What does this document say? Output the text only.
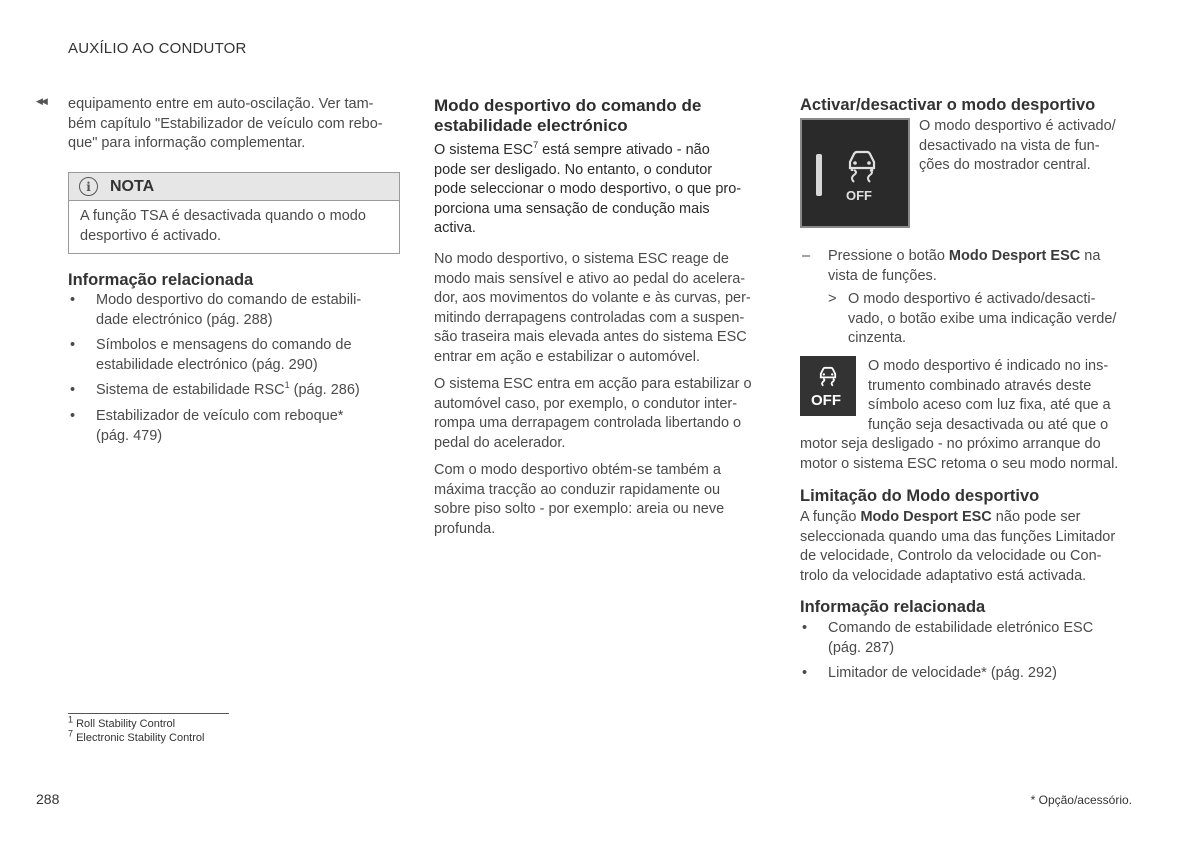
AUXÍLIO AO CONDUTOR
◀◀ equipamento entre em auto-oscilação. Ver tam-
bém capítulo "Estabilizador de veículo com rebo-
que" para informação complementar.
i	NOTA
A função TSA é desactivada quando o modo
desportivo é activado.
Informação relacionada
• Modo desportivo do comando de estabili-
dade electrónico (pág. 288)
• Símbolos e mensagens do comando de
estabilidade electrónico (pág. 290)
• Sistema de estabilidade RSC$^1$ (pág. 286)
• Estabilizador de veículo com reboque*
(pág. 479)
Modo desportivo do comando de
estabilidade electrónico
O sistema ESC$^7$ está sempre ativado - não
pode ser desligado. No entanto, o condutor
pode seleccionar o modo desportivo, o que pro-
porciona uma sensação de condução mais
activa.
No modo desportivo, o sistema ESC reage de
modo mais sensível e ativo ao pedal do acelera-
dor, aos movimentos do volante e às curvas, per-
mitindo derrapagens controladas com a suspen-
são traseira mais elevada antes do sistema ESC
entrar em ação e estabilizar o automóvel.
O sistema ESC entra em acção para estabilizar o
automóvel caso, por exemplo, o condutor inter-
rompa uma derrapagem controlada libertando o
pedal do acelerador.
Com o modo desportivo obtém-se também a
máxima tracção ao conduzir rapidamente ou
sobre piso solto - por exemplo: areia ou neve
profunda.
Activar/desactivar o modo desportivo
OFF
O modo desportivo é activado/
desactivado na vista de fun-
ções do mostrador central.
– Pressione o botão Modo Desport ESC na
vista de funções.
> O modo desportivo é activado/desacti-
vado, o botão exibe uma indicação verde/
cinzenta.
OFF
O modo desportivo é indicado no ins-
trumento combinado através deste
símbolo aceso com luz fixa, até que a
função seja desactivada ou até que o
motor seja desligado - no próximo arranque do
motor o sistema ESC retoma o seu modo normal.
Limitação do Modo desportivo
A função Modo Desport ESC não pode ser
seleccionada quando uma das funções Limitador
de velocidade, Controlo da velocidade ou Con-
trolo da velocidade adaptativo está activada.
Informação relacionada
• Comando de estabilidade eletrónico ESC
(pág. 287)
• Limitador de velocidade* (pág. 292)
$^1$ Roll Stability Control
$^7$ Electronic Stability Control
288	* Opção/acessório.
